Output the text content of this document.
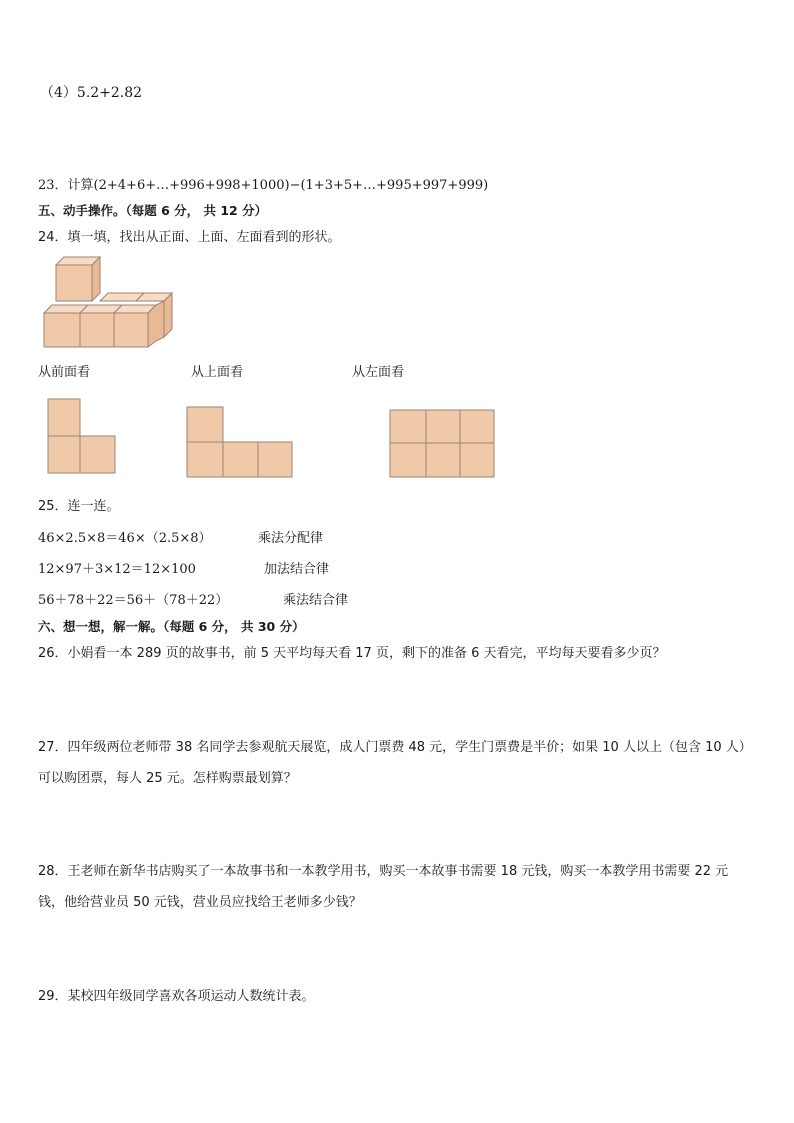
（4）5.2+2.82
23．计算(2+4+6+…+996+998+1000)−(1+3+5+…+995+997+999)
五、动手操作。（每题 6 分， 共 12 分）
24．填一填，找出从正面、上面、左面看到的形状。
从前面看	从上面看	从左面看
25．连一连。
46×2.5×8＝46×（2.5×8）	乘法分配律
12×97＋3×12＝12×100	加法结合律
56＋78＋22＝56＋（78＋22）	乘法结合律
六、想一想，解一解。（每题 6 分， 共 30 分）
26．小娟看一本 289 页的故事书，前 5 天平均每天看 17 页，剩下的准备 6 天看完，平均每天要看多少页？
27．四年级两位老师带 38 名同学去参观航天展览，成人门票费 48 元，学生门票费是半价；如果 10 人以上（包含 10 人）可以购团票，每人 25 元。怎样购票最划算？
28．王老师在新华书店购买了一本故事书和一本教学用书，购买一本故事书需要 18 元钱，购买一本教学用书需要 22 元钱，他给营业员 50 元钱，营业员应找给王老师多少钱？
29．某校四年级同学喜欢各项运动人数统计表。
